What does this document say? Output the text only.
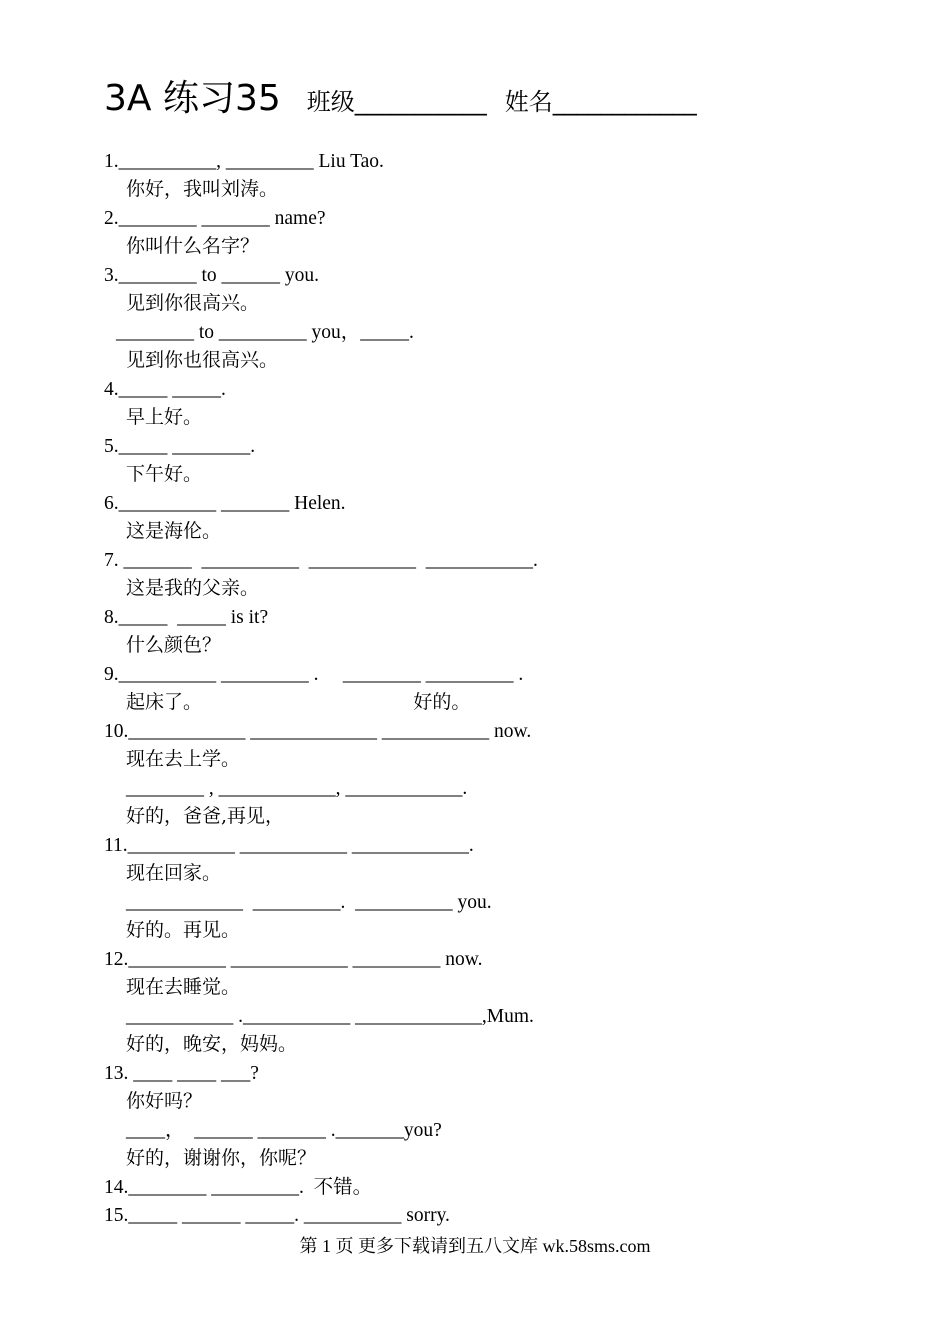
3A 练习35 班级___________ 姓名____________
1.__________, _________ Liu Tao.
你好，我叫刘涛。
2.________ _______ name?
你叫什么名字？
3.________ to ______ you.
见到你很高兴。
________ to _________ you，_____.
见到你也很高兴。
4._____ _____.
早上好。
5._____ ________.
下午好。
6.__________ _______ Helen.
这是海伦。
7. _______  __________  ___________  ___________.
这是我的父亲。
8._____  _____ is it?
什么颜色？
9.__________ _________ .     ________ _________ .
起床了。                                   好的。
10.____________ _____________ ___________ now.
现在去上学。
________ , ____________, ____________.
好的，爸爸,再见，
11.___________ ___________ ____________.
现在回家。
____________  _________.  __________ you.
好的。再见。
12.__________ ____________ _________ now.
现在去睡觉。
___________ .___________ _____________,Mum.
好的，晚安，妈妈。
13. ____ ____ ___?
你好吗？
____，  ______ _______ ._______you?
好的，谢谢你，你呢？
14.________ _________.  不错。
15._____ ______ _____. __________ sorry.
第 1 页 更多下载请到五八文库 wk.58sms.com
